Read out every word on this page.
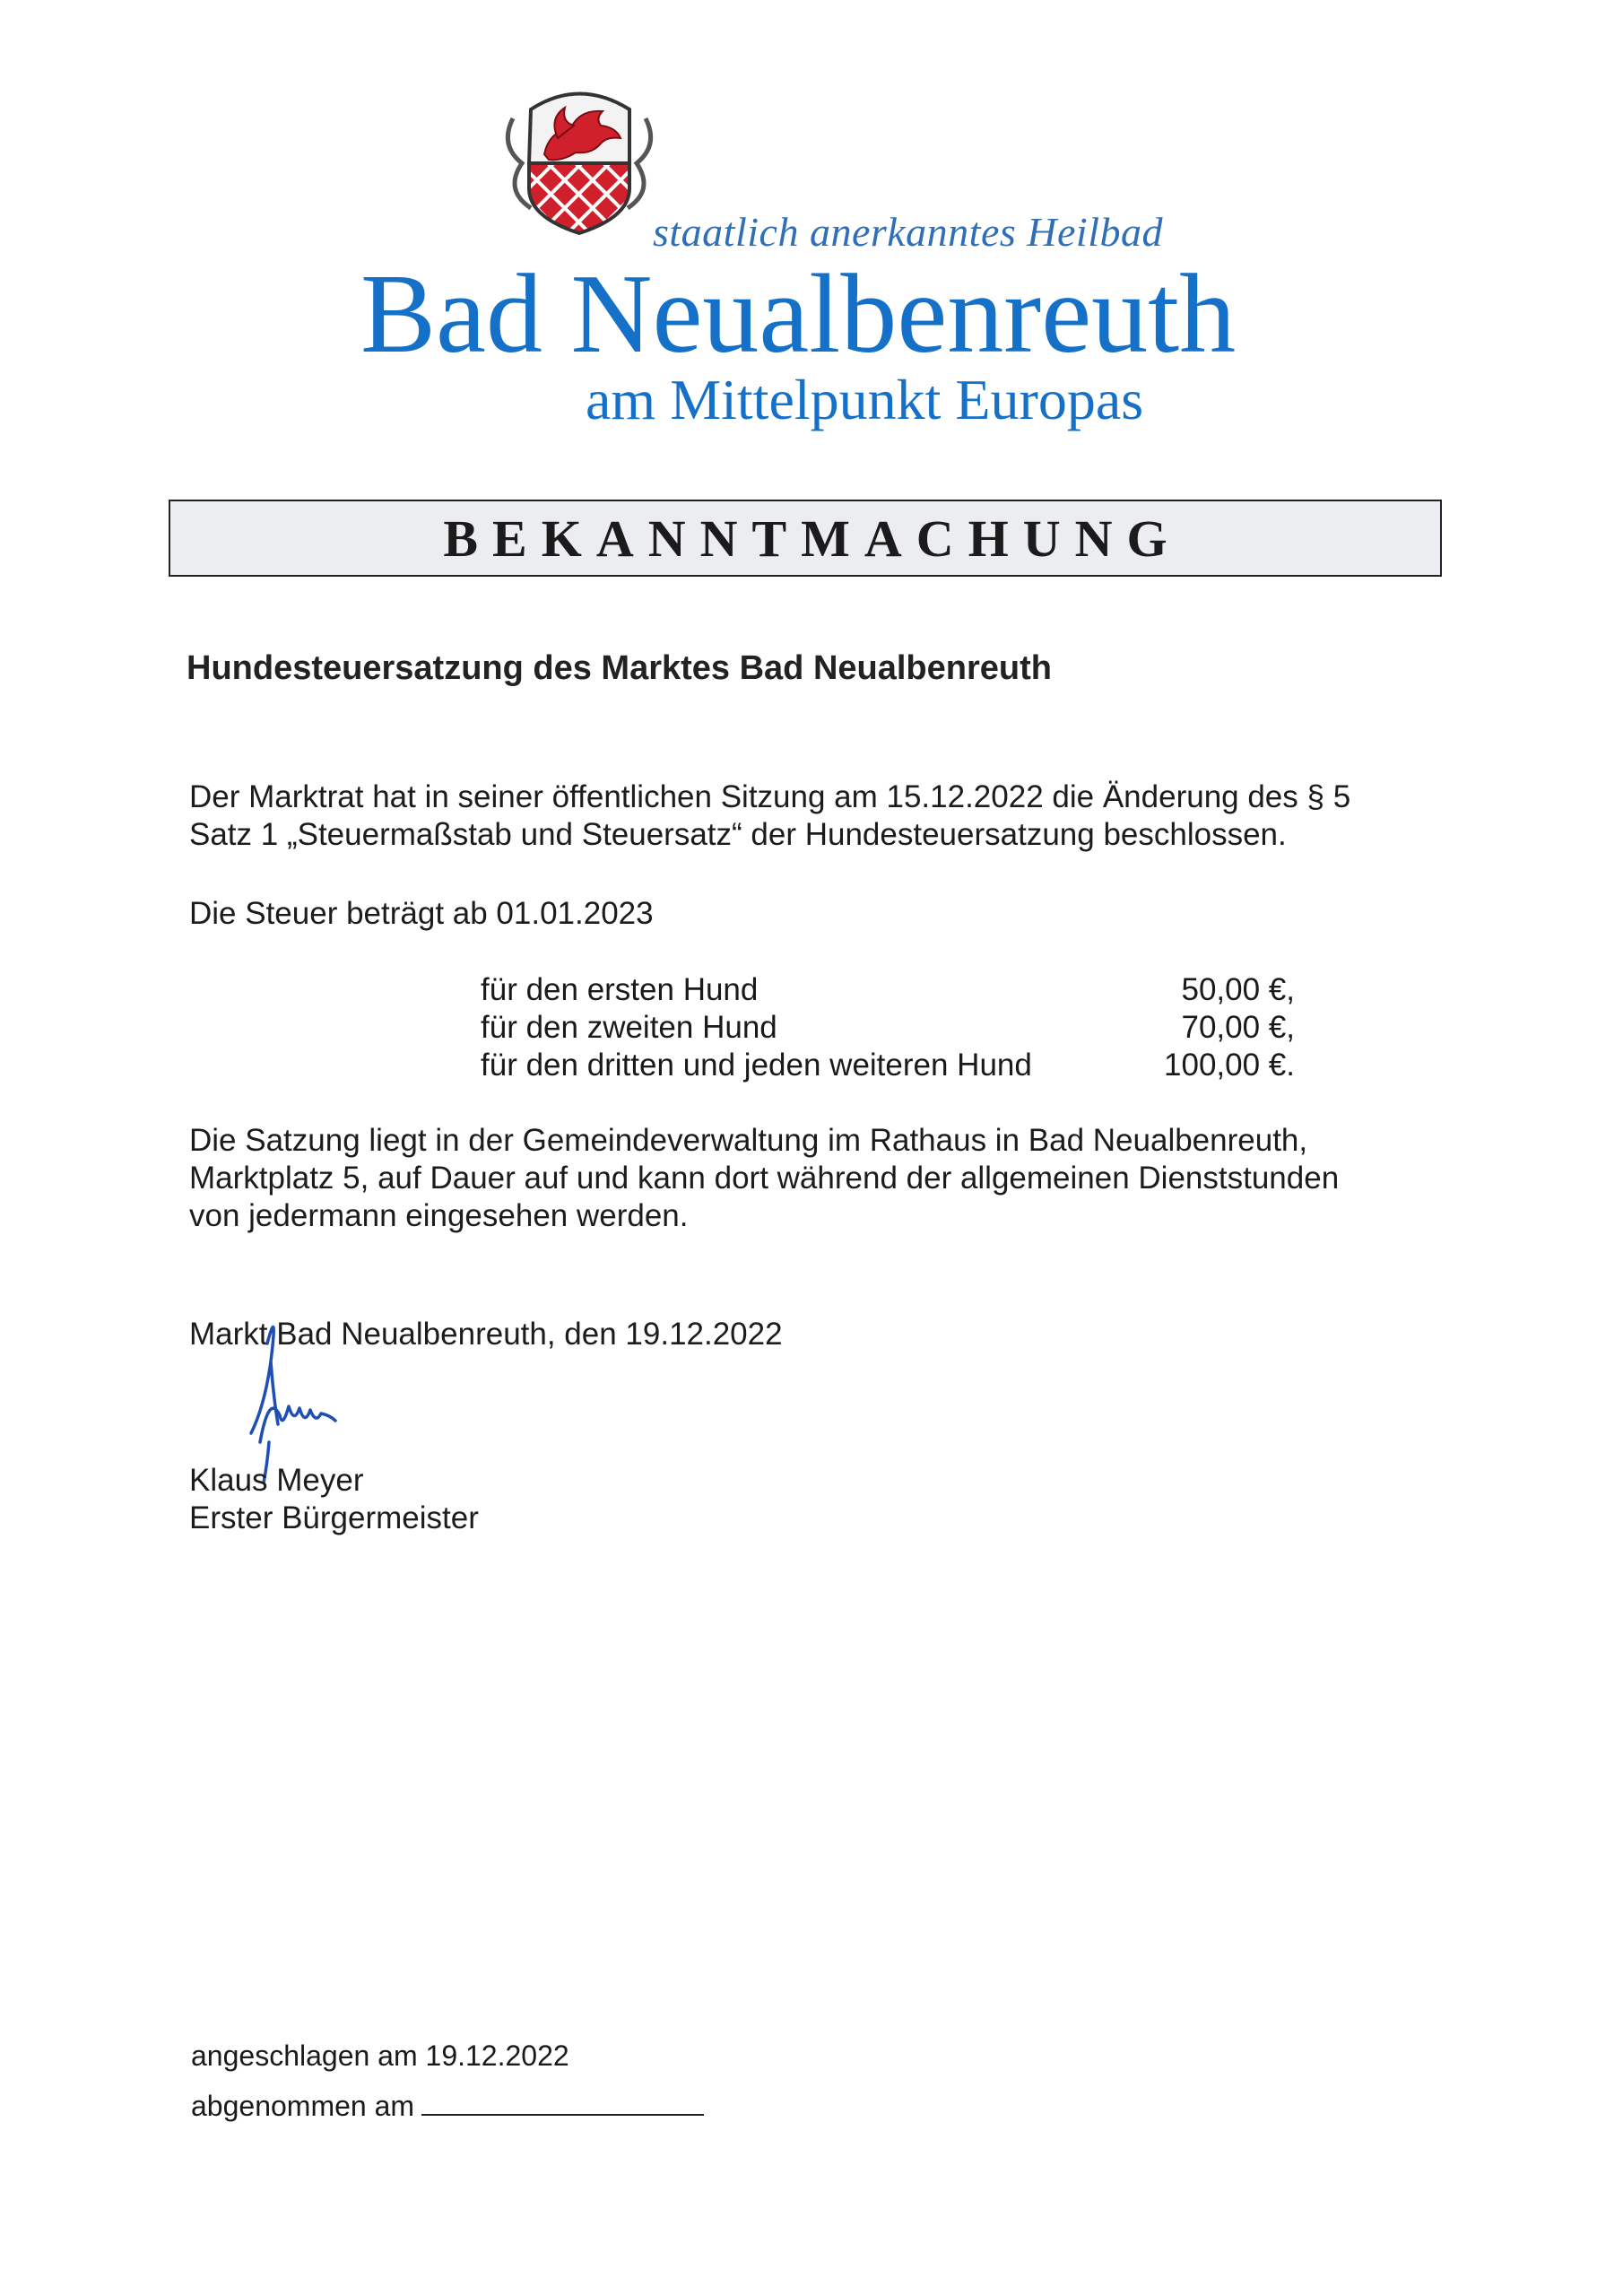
staatlich anerkanntes Heilbad
Bad Neualbenreuth
am Mittelpunkt Europas
BEKANNTMACHUNG
Hundesteuersatzung des Marktes Bad Neualbenreuth
Der Marktrat hat in seiner öffentlichen Sitzung am 15.12.2022 die Änderung des § 5
Satz 1 „Steuermaßstab und Steuersatz“ der Hundesteuersatzung beschlossen.
Die Steuer beträgt ab 01.01.2023
für den ersten Hund	50,00 €,
für den zweiten Hund	70,00 €,
für den dritten und jeden weiteren Hund	100,00 €.
Die Satzung liegt in der Gemeindeverwaltung im Rathaus in Bad Neualbenreuth,
Marktplatz 5, auf Dauer auf und kann dort während der allgemeinen Dienststunden
von jedermann eingesehen werden.
Markt Bad Neualbenreuth, den 19.12.2022
Klaus Meyer
Erster Bürgermeister
angeschlagen am 19.12.2022
abgenommen am
